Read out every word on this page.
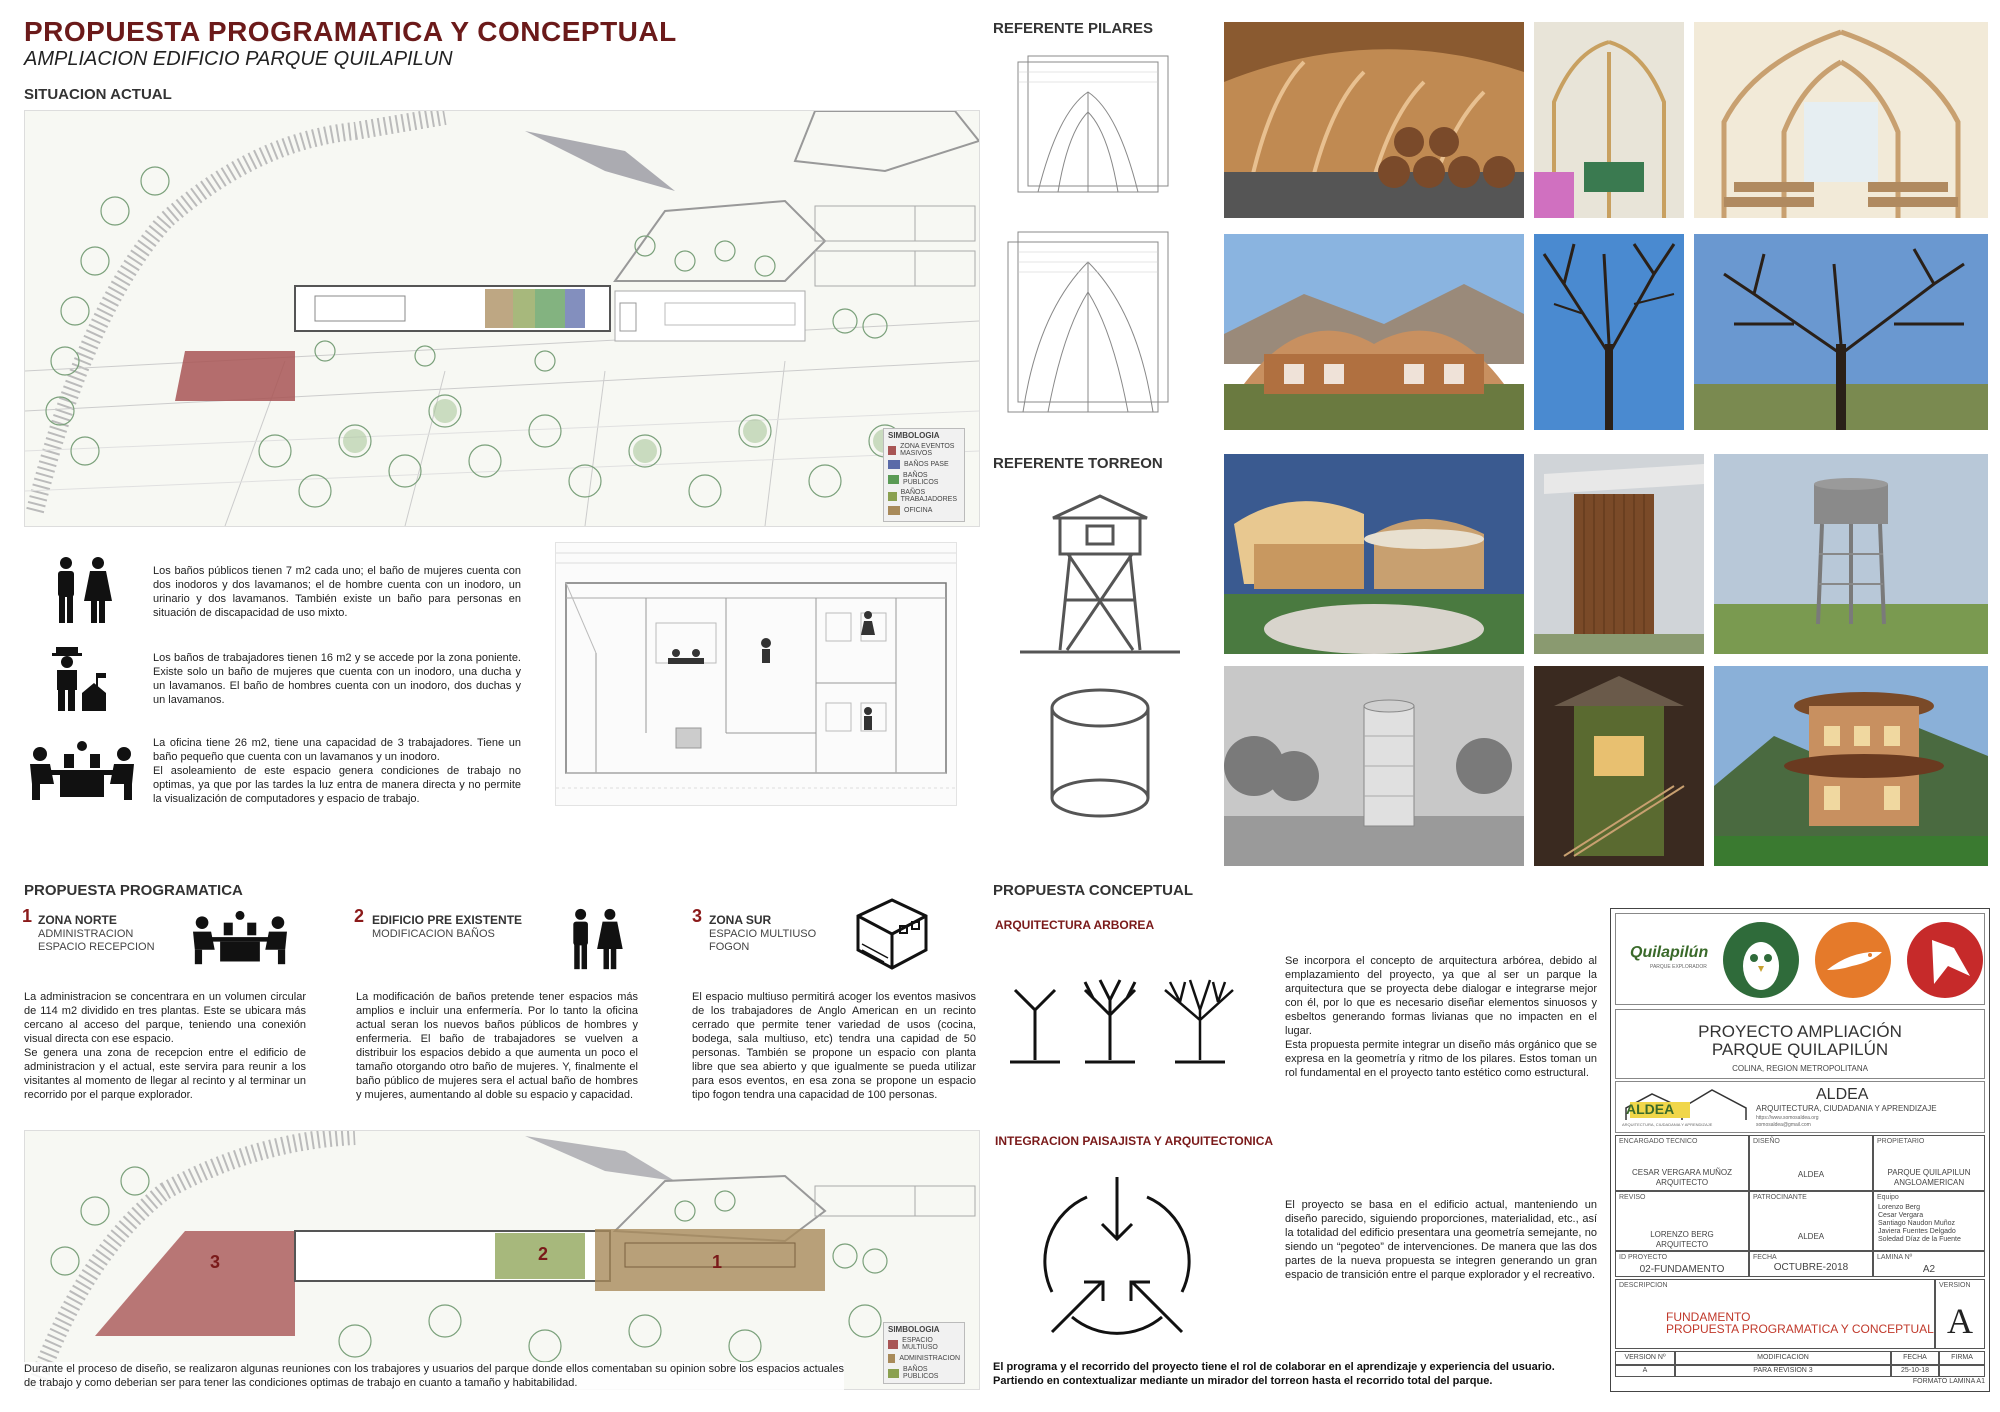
PROPUESTA PROGRAMATICA Y CONCEPTUAL
AMPLIACION EDIFICIO PARQUE QUILAPILUN
SITUACION ACTUAL
SIMBOLOGIA
ZONA EVENTOS MASIVOS
BAÑOS PASE
BAÑOS PUBLICOS
BAÑOS TRABAJADORES
OFICINA
Los baños públicos tienen 7 m2 cada uno; el baño de mujeres cuenta con dos inodoros y dos lavamanos; el de hombre cuenta con un inodoro, un urinario y dos lavamanos. También existe un baño para personas en situación de discapacidad de uso mixto.
Los baños de trabajadores tienen 16 m2 y se accede por la zona poniente. Existe solo un baño de mujeres que cuenta con un inodoro, una ducha y un lavamanos. El baño de hombres cuenta con un inodoro, dos duchas y un lavamanos.
La oficina tiene 26 m2, tiene una capacidad de 3 trabajadores. Tiene un baño pequeño que cuenta con un lavamanos y un inodoro.
El asoleamiento de este espacio genera condiciones de trabajo no optimas, ya que por las tardes la luz entra de manera directa y no permite la visualización de computadores y espacio de trabajo.
PROPUESTA PROGRAMATICA
1 ZONA NORTE
ADMINISTRACION
ESPACIO RECEPCION
La administracion se concentrara en un volumen circular de 114 m2 dividido en tres plantas. Este se ubicara más cercano al acceso del parque, teniendo una conexión visual directa con ese espacio.
Se genera una zona de recepcion entre el edificio de administracion y el actual, este servira para reunir a los visitantes al momento de llegar al recinto y al terminar un recorrido por el parque explorador.
2 EDIFICIO PRE EXISTENTE
MODIFICACION BAÑOS
La modificación de baños pretende tener espacios más amplios e incluir una enfermería. Por lo tanto la oficina actual seran los nuevos baños públicos de hombres y enfermeria. El baño de trabajadores se vuelven a distribuir los espacios debido a que aumenta un poco el tamaño otorgando otro baño de mujeres. Y, finalmente el baño público de mujeres sera el actual baño de hombres y mujeres, aumentando al doble su espacio y capacidad.
3 ZONA SUR
ESPACIO MULTIUSO
FOGON
El espacio multiuso permitirá acoger los eventos masivos de los trabajadores de Anglo American en un recinto cerrado que permite tener variedad de usos (cocina, bodega, sala multiuso, etc) tendra una capidad de 50 personas. También se propone un espacio con planta libre que sea abierto y que igualmente se pueda utilizar para esos eventos, en esa zona se propone un espacio tipo fogon tendra una capacidad de 100 personas.
3	2	1
SIMBOLOGIA
ESPACIO MULTIUSO
ADMINISTRACION
BAÑOS PUBLICOS
Durante el proceso de diseño, se realizaron algunas reuniones con los trabajores y usuarios del parque donde ellos comentaban su opinion sobre los espacios actuales de trabajo y como deberian ser para tener las condiciones optimas de trabajo en cuanto a tamaño y habitabilidad.
REFERENTE PILARES
REFERENTE TORREON
PROPUESTA CONCEPTUAL
ARQUITECTURA ARBOREA
Se incorpora el concepto de arquitectura arbórea, debido al emplazamiento del proyecto, ya que al ser un parque la arquitectura que se proyecta debe dialogar e integrarse mejor con él, por lo que es necesario diseñar elementos sinuosos y esbeltos generando formas livianas que no impacten en el lugar.
Esta propuesta permite integrar un diseño más orgánico que se expresa en la geometría y ritmo de los pilares. Estos toman un rol fundamental en el proyecto tanto estético como estructural.
INTEGRACION PAISAJISTA Y ARQUITECTONICA
El proyecto se basa en el edificio actual, manteniendo un diseño parecido, siguiendo proporciones, materialidad, etc., así la totalidad del edificio presentara una geometría semejante, no siendo un “pegoteo” de intervenciones. De manera que las dos partes de la nueva propuesta se integren generando un gran espacio de transición entre el parque explorador y el recreativo.
El programa y el recorrido del proyecto tiene el rol de colaborar en el aprendizaje y experiencia del usuario. Partiendo en contextualizar mediante un mirador del torreon hasta el recorrido total del parque.
Quilapilún
PARQUE EXPLORADOR
PROYECTO AMPLIACIÓN
PARQUE QUILAPILÚN
COLINA, REGION METROPOLITANA
ALDEA
ARQUITECTURA, CIUDADANIA Y APRENDIZAJE
ALDEA
ARQUITECTURA, CIUDADANIA Y APRENDIZAJE
https://www.somosaldea.org
somosaldea@gmail.com
ENCARGADO TECNICO
CESAR VERGARA MUÑOZ
ARQUITECTO
DISEÑO
ALDEA
PROPIETARIO
PARQUE QUILAPILUN
ANGLOAMERICAN
REVISO
LORENZO BERG
ARQUITECTO
PATROCINANTE
ALDEA
Equipo
Lorenzo Berg
Cesar Vergara
Santiago Naudon Muñoz
Javiera Fuentes Delgado
Soledad Díaz de la Fuente
ID PROYECTO
02-FUNDAMENTO
FECHA
OCTUBRE-2018
LAMINA Nº
A2
DESCRIPCION
FUNDAMENTO
PROPUESTA PROGRAMATICA Y CONCEPTUAL
VERSION
A
VERSION Nº	MODIFICACION	FECHA	FIRMA
A	PARA REVISION 3	25-10-18
FORMATO LAMINA A1
